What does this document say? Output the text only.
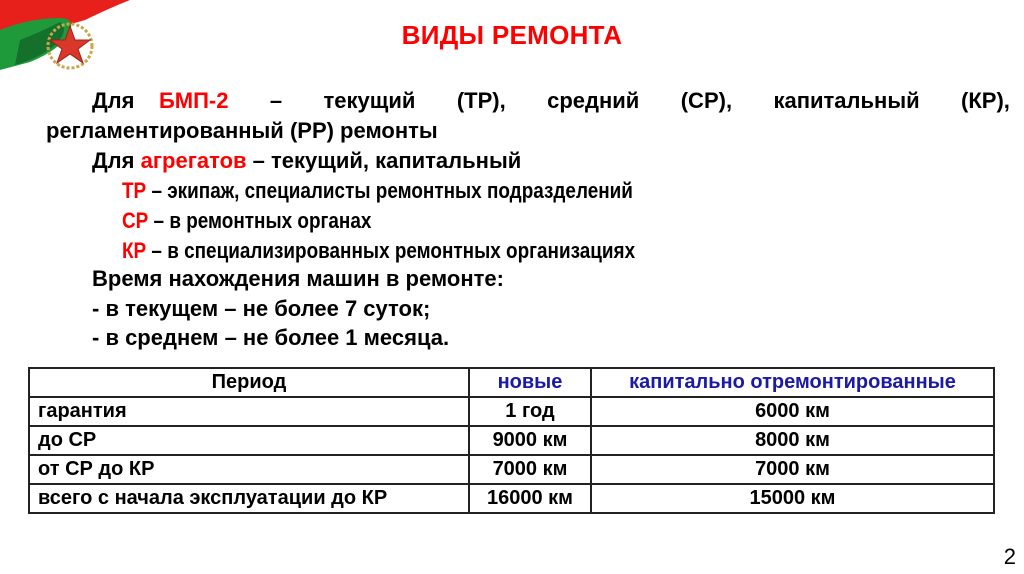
ВИДЫ РЕМОНТА
Для БМП-2 – текущий (ТР), средний (СР), капитальный (КР),
регламентированный (РР) ремонты
Для агрегатов – текущий, капитальный
ТР – экипаж, специалисты ремонтных подразделений
СР – в ремонтных органах
КР – в специализированных ремонтных организациях
Время нахождения машин в ремонте:
- в текущем – не более 7 суток;
- в среднем – не более 1 месяца.
Период	новые	капитально отремонтированные
гарантия	1 год	6000 км
до СР	9000 км	8000 км
от СР до КР	7000 км	7000 км
всего с начала эксплуатации до КР	16000 км	15000 км
2
